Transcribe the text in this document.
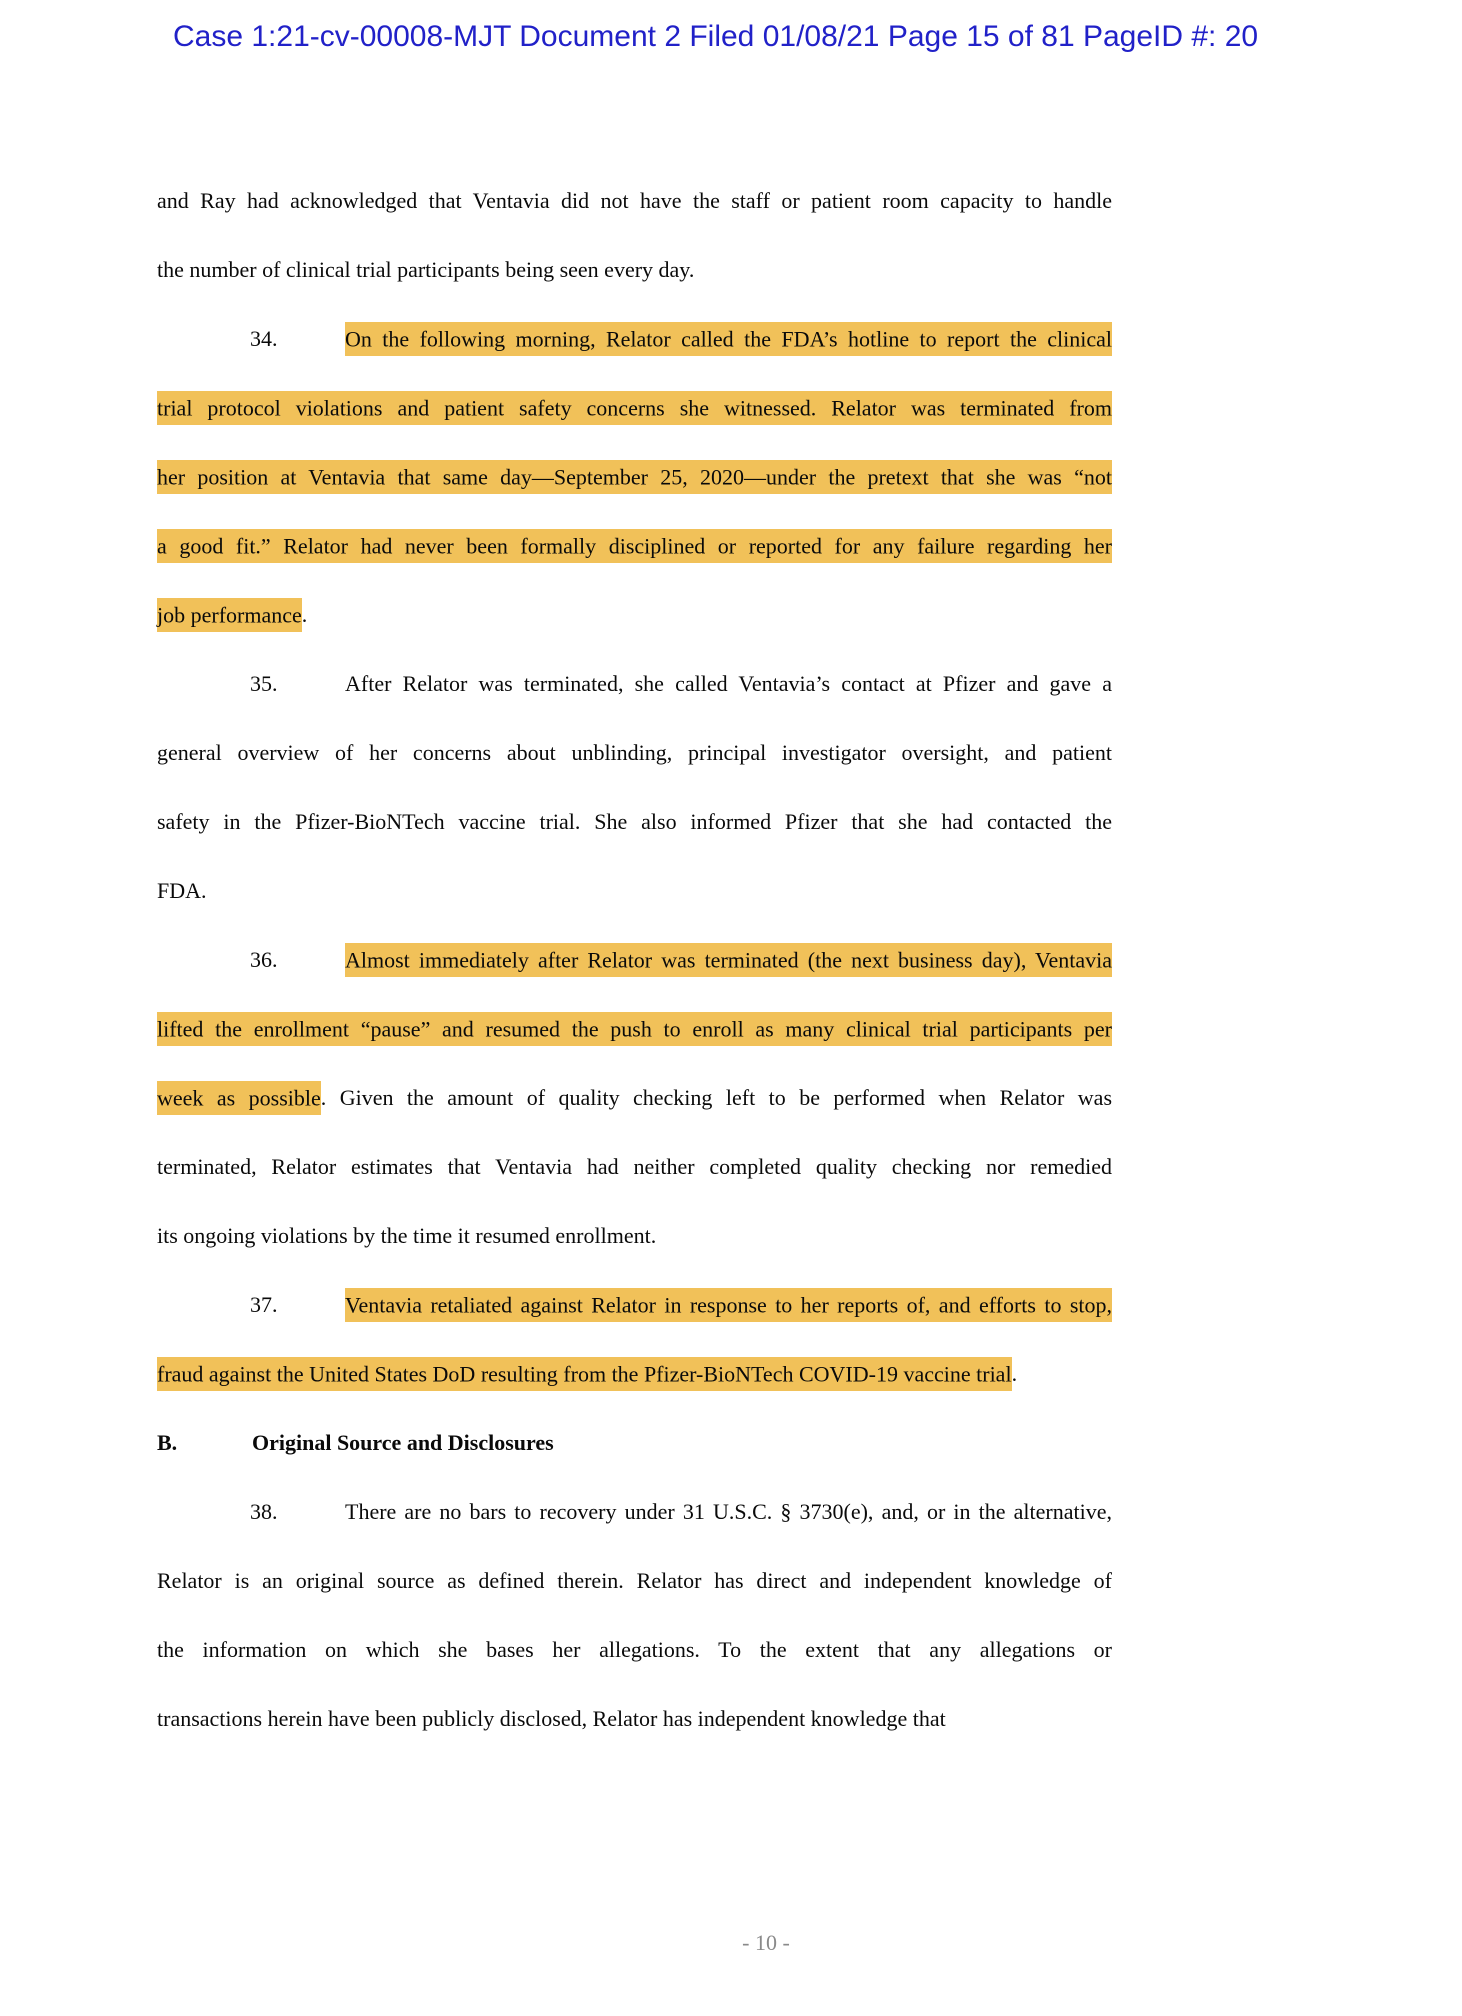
Case 1:21-cv-00008-MJT Document 2 Filed 01/08/21 Page 15 of 81 PageID #: 20
and Ray had acknowledged that Ventavia did not have the staff or patient room capacity to handle
the number of clinical trial participants being seen every day.
34.	On the following morning, Relator called the FDA’s hotline to report the clinical
trial protocol violations and patient safety concerns she witnessed. Relator was terminated from
her position at Ventavia that same day—September 25, 2020—under the pretext that she was “not
a good fit.” Relator had never been formally disciplined or reported for any failure regarding her
job performance.
35.	After Relator was terminated, she called Ventavia’s contact at Pfizer and gave a
general overview of her concerns about unblinding, principal investigator oversight, and patient
safety in the Pfizer-BioNTech vaccine trial. She also informed Pfizer that she had contacted the
FDA.
36.	Almost immediately after Relator was terminated (the next business day), Ventavia
lifted the enrollment “pause” and resumed the push to enroll as many clinical trial participants per
week as possible. Given the amount of quality checking left to be performed when Relator was
terminated, Relator estimates that Ventavia had neither completed quality checking nor remedied
its ongoing violations by the time it resumed enrollment.
37.	Ventavia retaliated against Relator in response to her reports of, and efforts to stop,
fraud against the United States DoD resulting from the Pfizer-BioNTech COVID-19 vaccine trial.
B.	Original Source and Disclosures
38.	There are no bars to recovery under 31 U.S.C. § 3730(e), and, or in the alternative,
Relator is an original source as defined therein. Relator has direct and independent knowledge of
the information on which she bases her allegations. To the extent that any allegations or
transactions herein have been publicly disclosed, Relator has independent knowledge that
- 10 -
